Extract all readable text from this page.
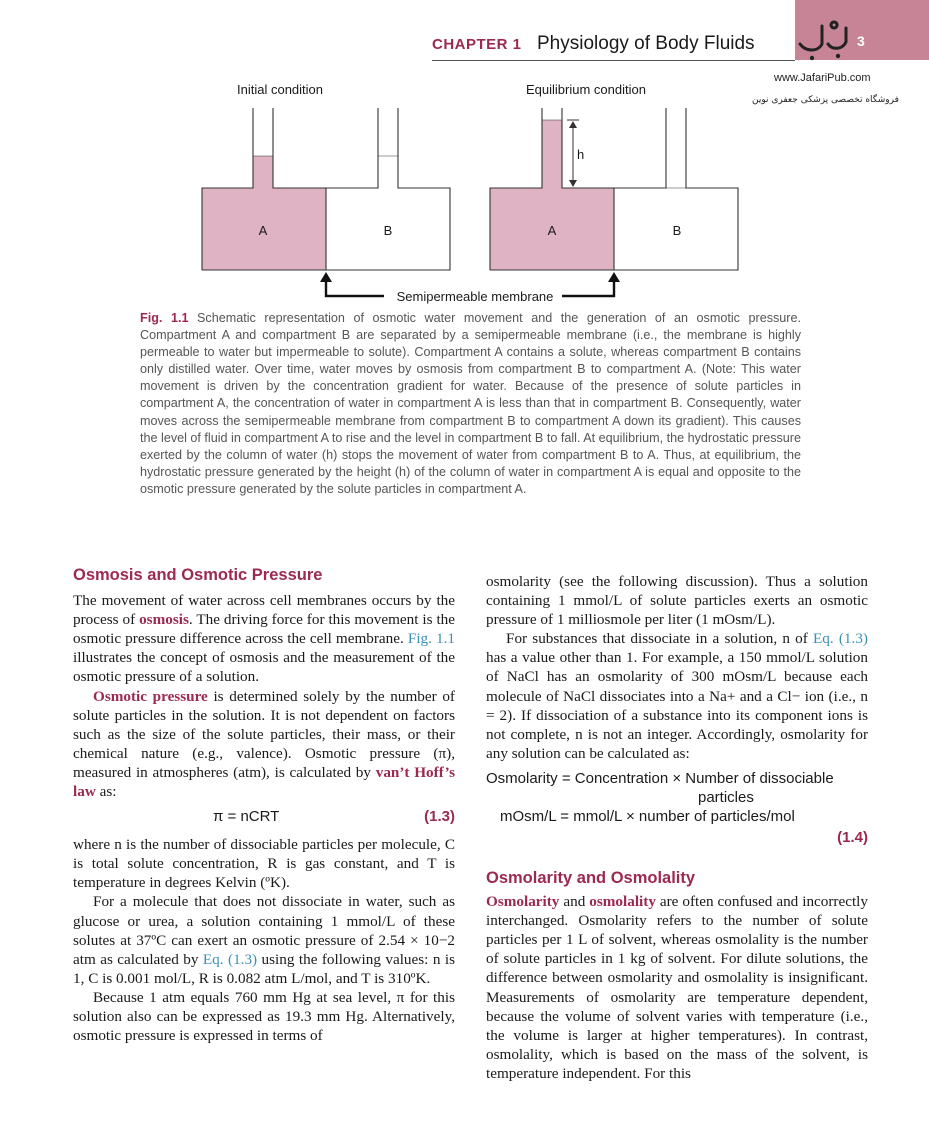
CHAPTER 1 Physiology of Body Fluids	3
www.JafariPub.com
فروشگاه تخصصی پزشکی جعفری نوین
Initial condition
A	B
Equilibrium condition
h
A	B
Semipermeable membrane
Fig. 1.1 Schematic representation of osmotic water movement and the generation of an osmotic pressure. Compartment A and compartment B are separated by a semipermeable membrane (i.e., the membrane is highly permeable to water but impermeable to solute). Compartment A contains a solute, whereas compartment B contains only distilled water. Over time, water moves by osmosis from compartment B to compartment A. (Note: This water movement is driven by the concentration gradient for water. Because of the presence of solute particles in compartment A, the concentration of water in compartment A is less than that in compartment B. Consequently, water moves across the semipermeable membrane from compartment B to compartment A down its gradient). This causes the level of fluid in compartment A to rise and the level in compartment B to fall. At equilibrium, the hydrostatic pressure exerted by the column of water (h) stops the movement of water from compartment B to A. Thus, at equilibrium, the hydrostatic pressure generated by the height (h) of the column of water in compartment A is equal and opposite to the osmotic pressure generated by the solute particles in compartment A.
Osmosis and Osmotic Pressure

The movement of water across cell membranes occurs by the process of osmosis. The driving force for this movement is the osmotic pressure difference across the cell membrane. Fig. 1.1 illustrates the concept of osmosis and the measurement of the osmotic pressure of a solution.

Osmotic pressure is determined solely by the number of solute particles in the solution. It is not dependent on factors such as the size of the solute particles, their mass, or their chemical nature (e.g., valence). Osmotic pressure (π), measured in atmospheres (atm), is calculated by van’t Hoff’s law as:

π = nCRT	(1.3)

where n is the number of dissociable particles per molecule, C is total solute concentration, R is gas constant, and T is temperature in degrees Kelvin (ºK).

For a molecule that does not dissociate in water, such as glucose or urea, a solution containing 1 mmol/L of these solutes at 37ºC can exert an osmotic pressure of 2.54 × 10−2 atm as calculated by Eq. (1.3) using the following values: n is 1, C is 0.001 mol/L, R is 0.082 atm L/mol, and T is 310ºK.

Because 1 atm equals 760 mm Hg at sea level, π for this solution also can be expressed as 19.3 mm Hg. Alternatively, osmotic pressure is expressed in terms of

osmolarity (see the following discussion). Thus a solution containing 1 mmol/L of solute particles exerts an osmotic pressure of 1 milliosmole per liter (1 mOsm/L).

For substances that dissociate in a solution, n of Eq. (1.3) has a value other than 1. For example, a 150 mmol/L solution of NaCl has an osmolarity of 300 mOsm/L because each molecule of NaCl dissociates into a Na+ and a Cl− ion (i.e., n = 2). If dissociation of a substance into its component ions is not complete, n is not an integer. Accordingly, osmolarity for any solution can be calculated as:

Osmolarity = Concentration × Number of dissociable
particles
mOsm/L = mmol/L × number of particles/mol
(1.4)
Osmolarity and Osmolality

Osmolarity and osmolality are often confused and incorrectly interchanged. Osmolarity refers to the number of solute particles per 1 L of solvent, whereas osmolality is the number of solute particles in 1 kg of solvent. For dilute solutions, the difference between osmolarity and osmolality is insignificant. Measurements of osmolarity are temperature dependent, because the volume of solvent varies with temperature (i.e., the volume is larger at higher temperatures). In contrast, osmolality, which is based on the mass of the solvent, is temperature independent. For this
